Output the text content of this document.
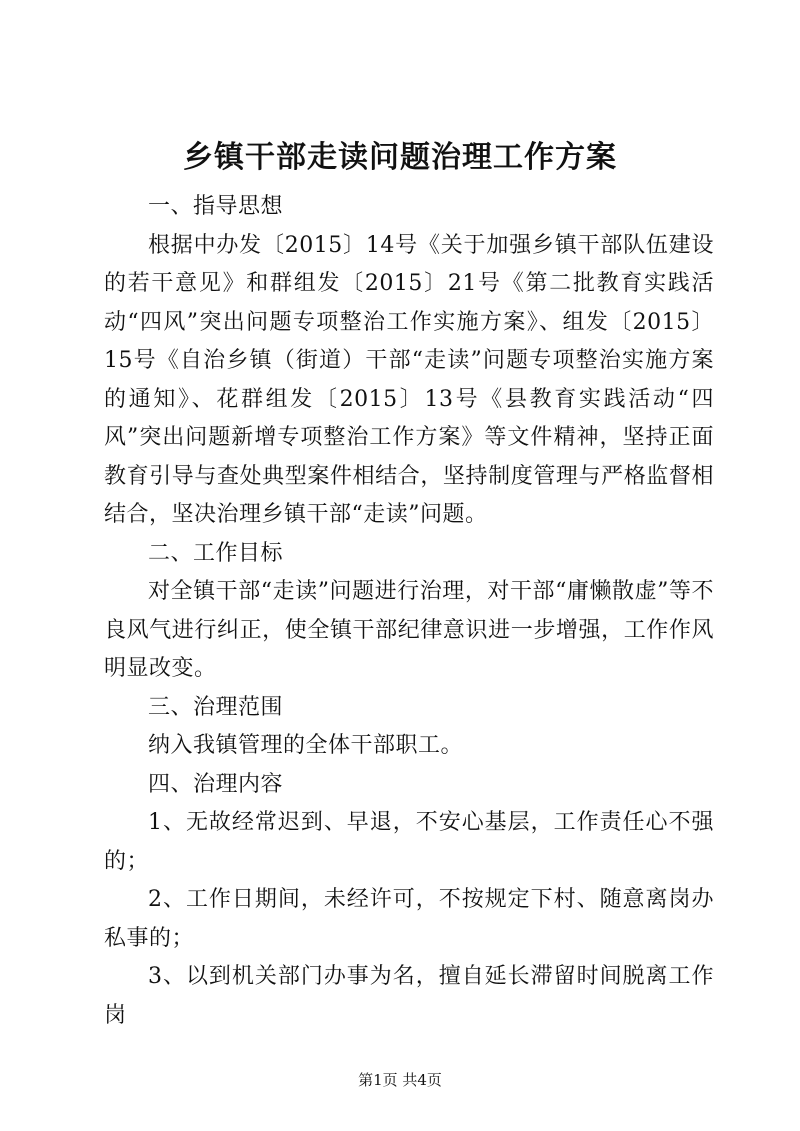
乡镇干部走读问题治理工作方案

一、指导思想

根据中办发〔2015〕14号《关于加强乡镇干部队伍建设的若干意见》和群组发〔2015〕21号《第二批教育实践活动“四风”突出问题专项整治工作实施方案》、组发〔2015〕15号《自治乡镇（街道）干部“走读”问题专项整治实施方案的通知》、花群组发〔2015〕13号《县教育实践活动“四风”突出问题新增专项整治工作方案》等文件精神，坚持正面教育引导与查处典型案件相结合，坚持制度管理与严格监督相结合，坚决治理乡镇干部“走读”问题。

二、工作目标

对全镇干部“走读”问题进行治理，对干部“庸懒散虚”等不良风气进行纠正，使全镇干部纪律意识进一步增强，工作作风明显改变。

三、治理范围

纳入我镇管理的全体干部职工。

四、治理内容

1、无故经常迟到、早退，不安心基层，工作责任心不强的；

2、工作日期间，未经许可，不按规定下村、随意离岗办私事的；

3、以到机关部门办事为名，擅自延长滞留时间脱离工作岗

第1页 共4页
